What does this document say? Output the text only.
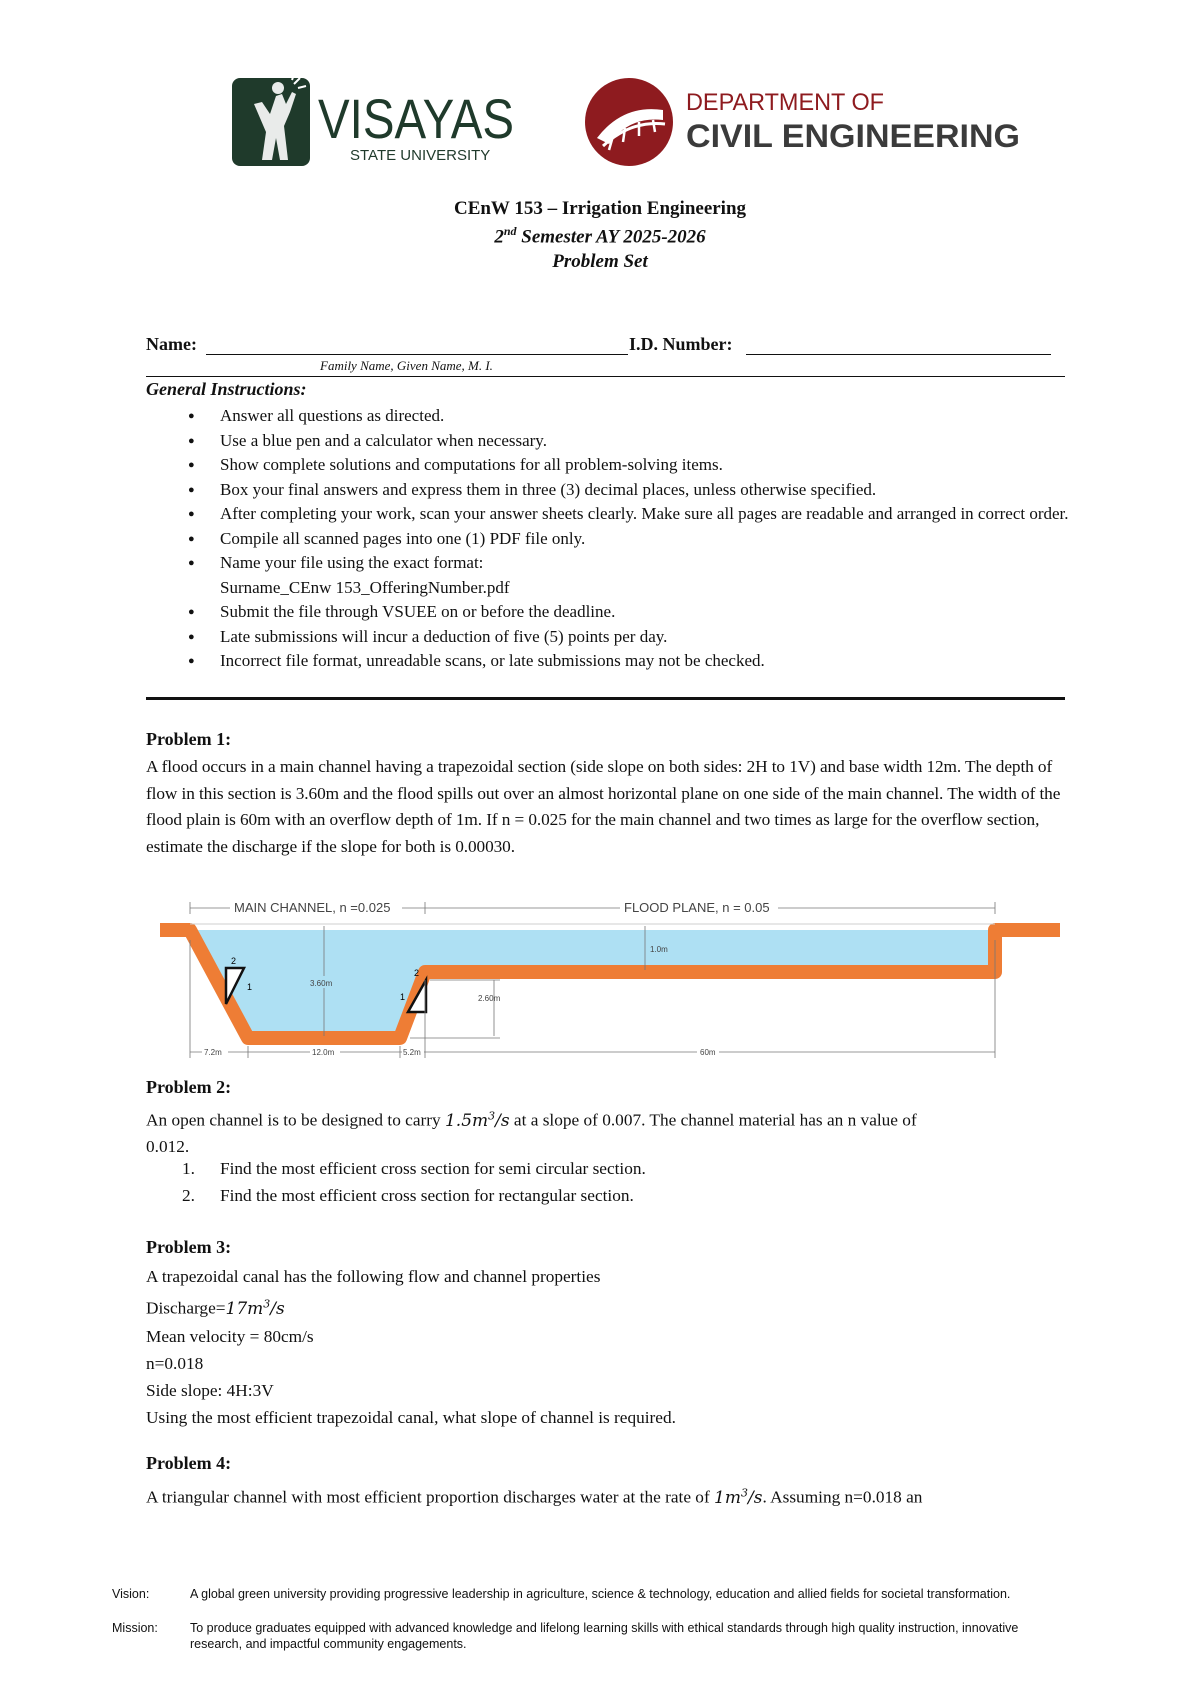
VISAYAS
STATE UNIVERSITY
DEPARTMENT OF
CIVIL ENGINEERING
CEnW 153 – Irrigation Engineering
2nd Semester AY 2025-2026
Problem Set
Name:	I.D. Number:
Family Name, Given Name, M. I.
General Instructions:
● Answer all questions as directed.
● Use a blue pen and a calculator when necessary.
● Show complete solutions and computations for all problem-solving items.
● Box your final answers and express them in three (3) decimal places, unless otherwise specified.
● After completing your work, scan your answer sheets clearly. Make sure all pages are readable and arranged in correct order.
● Compile all scanned pages into one (1) PDF file only.
● Name your file using the exact format:
Surname_CEnw 153_OfferingNumber.pdf
● Submit the file through VSUEE on or before the deadline.
● Late submissions will incur a deduction of five (5) points per day.
● Incorrect file format, unreadable scans, or late submissions may not be checked.
Problem 1:
A flood occurs in a main channel having a trapezoidal section (side slope on both sides: 2H to 1V) and base width 12m. The depth of flow in this section is 3.60m and the flood spills out over an almost horizontal plane on one side of the main channel. The width of the flood plain is 60m with an overflow depth of 1m. If n = 0.025 for the main channel and two times as large for the overflow section, estimate the discharge if the slope for both is 0.00030.
2
1
2
1
MAIN CHANNEL, n =0.025	FLOOD PLANE, n = 0.05
3.60m
1.0m
2.60m
7.2m	12.0m	5.2m	60m
Problem 2:
An open channel is to be designed to carry $1.5m^3/s$ at a slope of 0.007. The channel material has an n value of
0.012.
1. Find the most efficient cross section for semi circular section.
2. Find the most efficient cross section for rectangular section.
Problem 3:
A trapezoidal canal has the following flow and channel properties
$Discharge=17m^3/s$
Mean velocity = 80cm/s
n=0.018
Side slope: 4H:3V
Using the most efficient trapezoidal canal, what slope of channel is required.
Problem 4:
A triangular channel with most efficient proportion discharges water at the rate of $1m^3/s$. Assuming n=0.018 an
Vision:	A global green university providing progressive leadership in agriculture, science & technology, education and allied fields for societal transformation.
Mission:	To produce graduates equipped with advanced knowledge and lifelong learning skills with ethical standards through high quality instruction, innovative research, and impactful community engagements.
